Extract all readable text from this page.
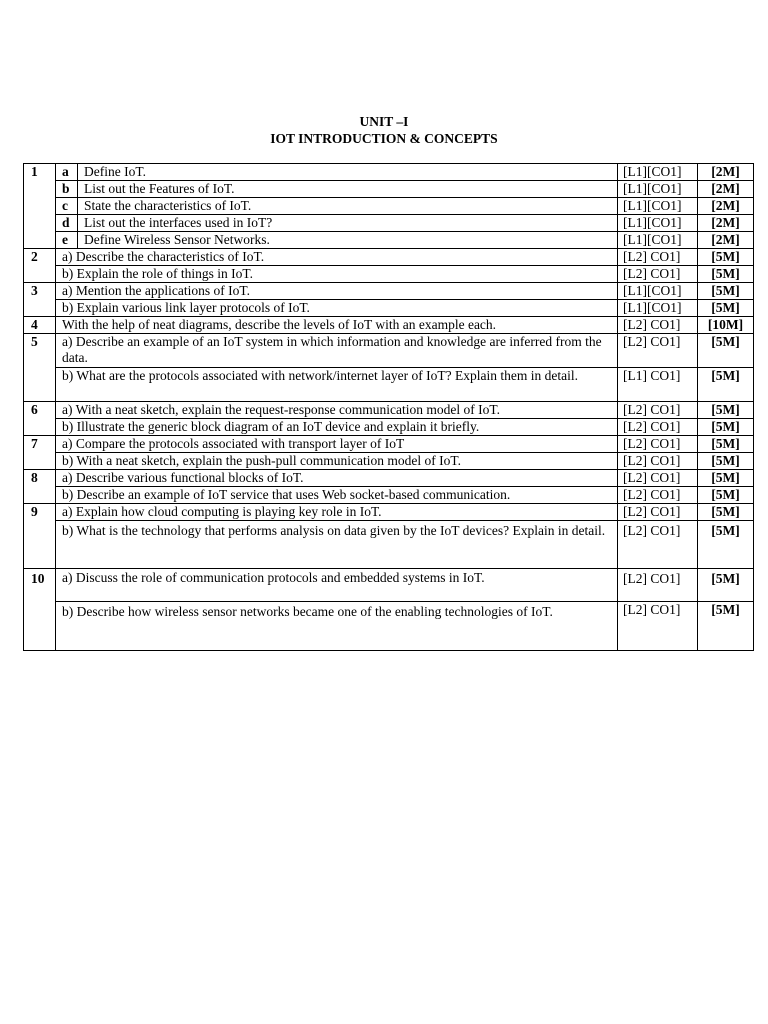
UNIT –I
IOT INTRODUCTION & CONCEPTS
1	a	Define IoT.	[L1][CO1]	[2M]
	b	List out the Features of IoT.	[L1][CO1]	[2M]
	c	State the characteristics of IoT.	[L1][CO1]	[2M]
	d	List out the interfaces used in IoT?	[L1][CO1]	[2M]
	e	Define Wireless Sensor Networks.	[L1][CO1]	[2M]
2	a) Describe the characteristics of IoT.		[L2] CO1]	[5M]
	b) Explain the role of things in IoT.		[L2] CO1]	[5M]
3	a) Mention the applications of IoT.		[L1][CO1]	[5M]
	b) Explain various link layer protocols of IoT.		[L1][CO1]	[5M]
4	With the help of neat diagrams, describe the levels of IoT with an example each.		[L2] CO1]	[10M]
5	a) Describe an example of an IoT system in which information and knowledge are inferred from the data.		[L2] CO1]	[5M]
	b) What are the protocols associated with network/internet layer of IoT? Explain them in detail.		[L1] CO1]	[5M]
6	a) With a neat sketch, explain the request-response communication model of IoT.		[L2] CO1]	[5M]
	b) Illustrate the generic block diagram of an IoT device and explain it briefly.		[L2] CO1]	[5M]
7	a) Compare the protocols associated with transport layer of IoT		[L2] CO1]	[5M]
	b) With a neat sketch, explain the push-pull communication model of IoT.		[L2] CO1]	[5M]
8	a) Describe various functional blocks of IoT.		[L2] CO1]	[5M]
	b) Describe an example of IoT service that uses Web socket-based communication.		[L2] CO1]	[5M]
9	a) Explain how cloud computing is playing key role in IoT.		[L2] CO1]	[5M]
	b) What is the technology that performs analysis on data given by the IoT devices? Explain in detail.		[L2] CO1]	[5M]
10	a) Discuss the role of communication protocols and embedded systems in IoT.		[L2] CO1]	[5M]
	b) Describe how wireless sensor networks became one of the enabling technologies of IoT.		[L2] CO1]	[5M]
